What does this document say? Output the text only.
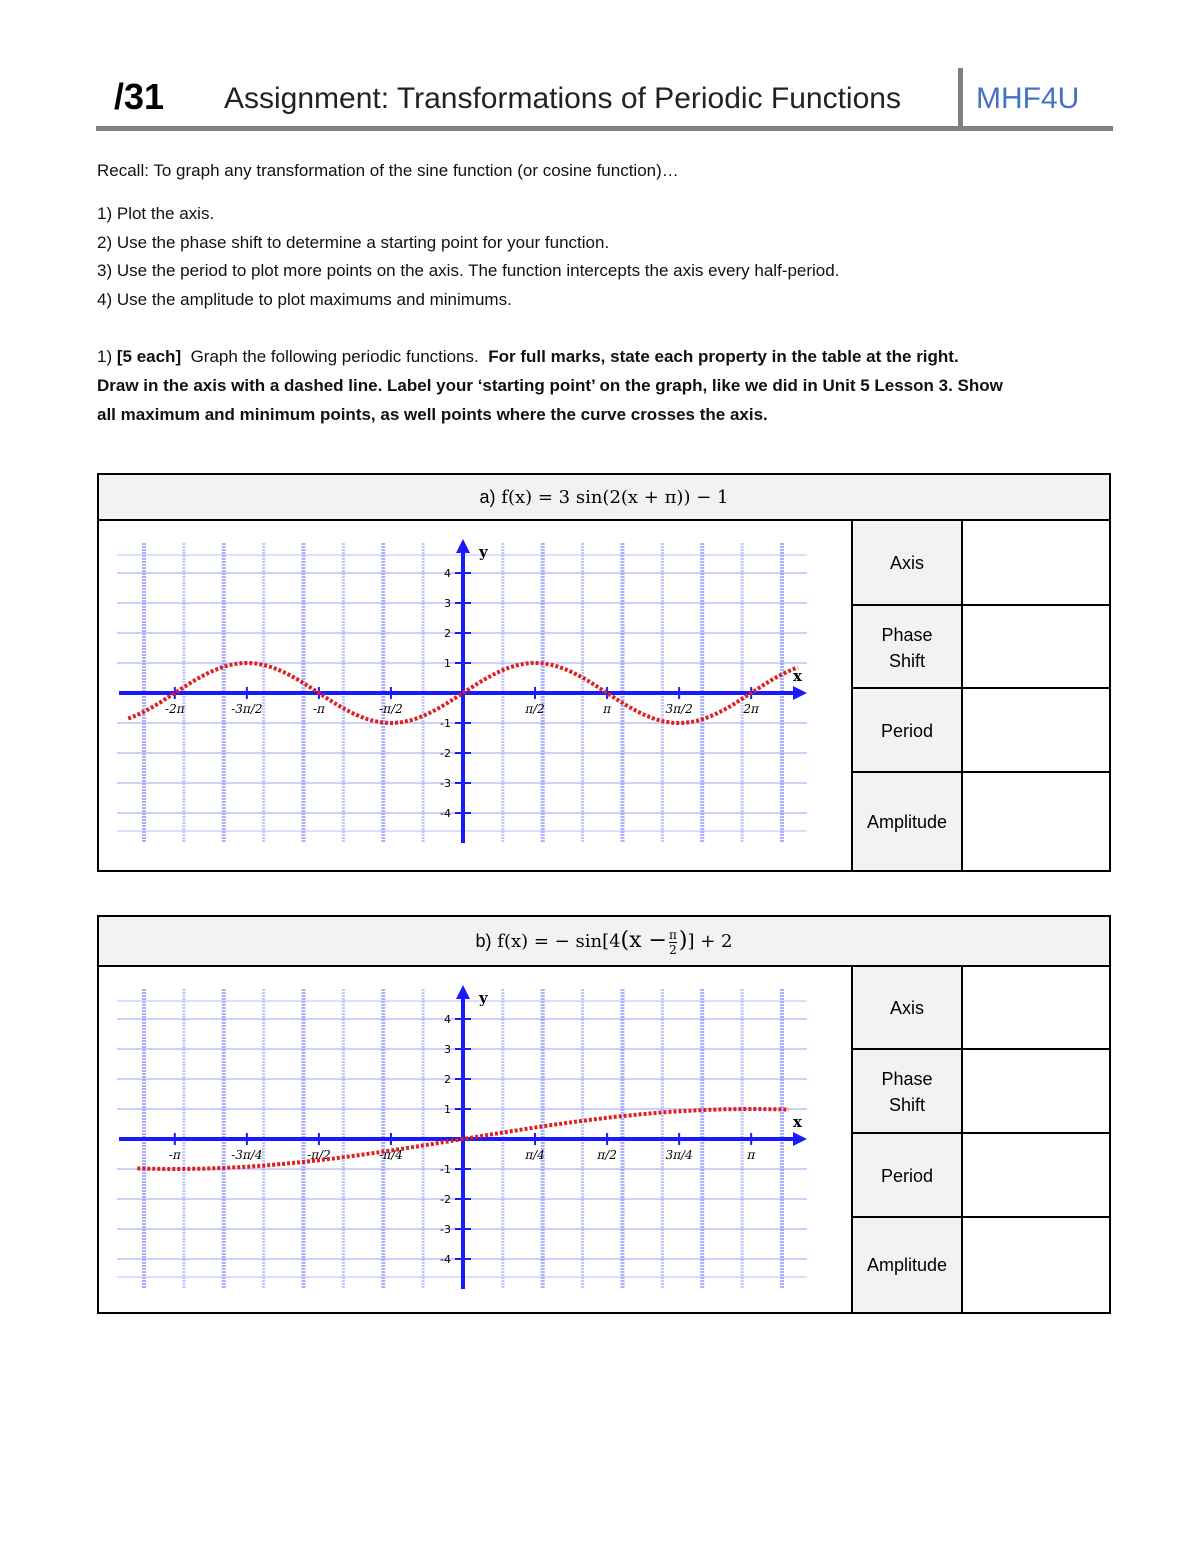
/31 Assignment: Transformations of Periodic Functions	MHF4U
Recall: To graph any transformation of the sine function (or cosine function)…
1) Plot the axis.
2) Use the phase shift to determine a starting point for your function.
3) Use the period to plot more points on the axis. The function intercepts the axis every half-period.
4) Use the amplitude to plot maximums and minimums.
1) [5 each] Graph the following periodic functions. For full marks, state each property in the table at the right.
Draw in the axis with a dashed line. Label your ‘starting point’ on the graph, like we did in Unit 5 Lesson 3. Show
all maximum and minimum points, as well points where the curve crosses the axis.
a) f(x) = 3 sin(2(x + π)) − 1
x
y
-2π	-3π/2	-π	-π/2	π/2	π	3π/2	2π
4
3
2
1
-1
-2
-3
-4
Axis
Phase Shift
Period
Amplitude
b) f(x) = − $\sin[4(x - \frac{\pi}{2}$ )] + 2
x
y
-π	-3π/4	-π/2	-π/4	π/4	π/2	3π/4	π
4
3
2
1
-1
-2
-3
-4
Axis
Phase Shift
Period
Amplitude
